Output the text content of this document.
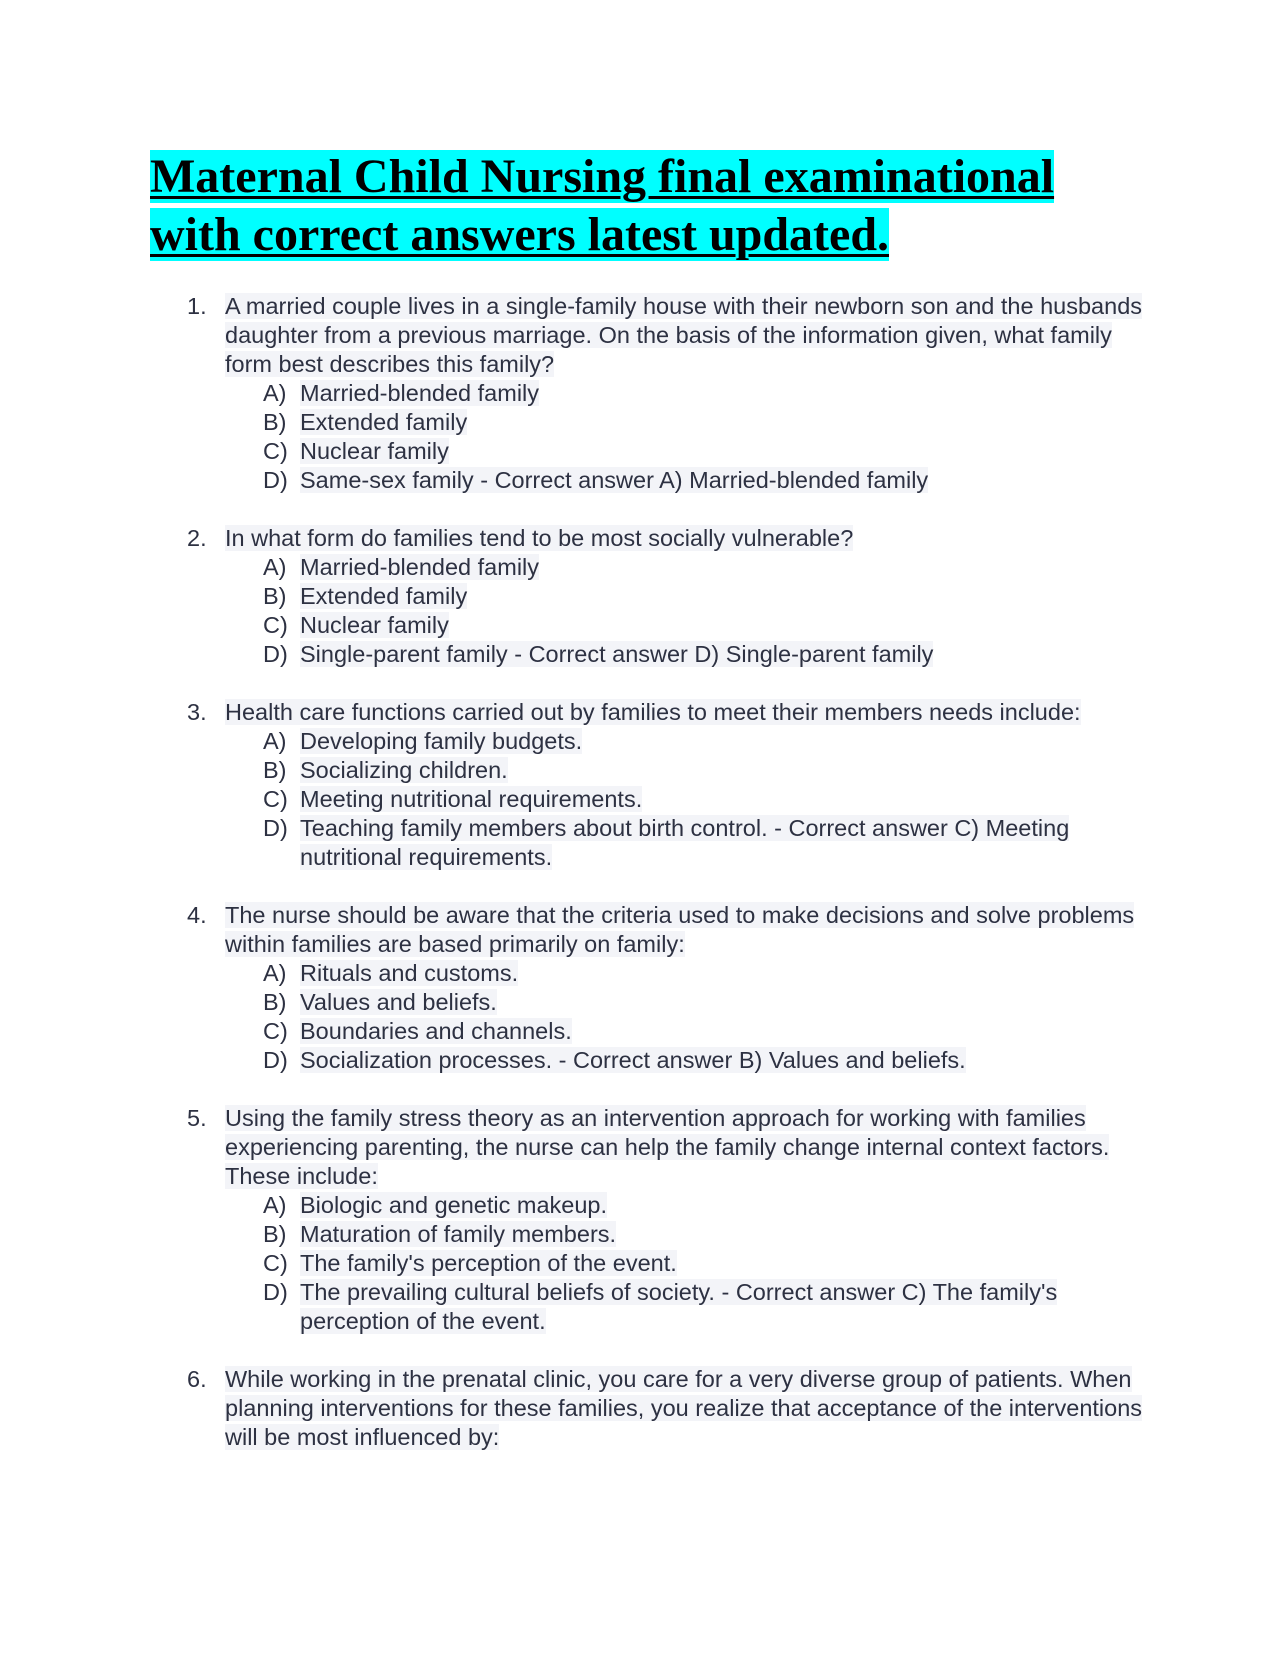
Maternal Child Nursing final examinational with correct answers latest updated.
1. A married couple lives in a single-family house with their newborn son and the husbands daughter from a previous marriage. On the basis of the information given, what family form best describes this family?
A) Married-blended family
B) Extended family
C) Nuclear family
D) Same-sex family - Correct answer A) Married-blended family
2. In what form do families tend to be most socially vulnerable?
A) Married-blended family
B) Extended family
C) Nuclear family
D) Single-parent family - Correct answer D) Single-parent family
3. Health care functions carried out by families to meet their members needs include:
A) Developing family budgets.
B) Socializing children.
C) Meeting nutritional requirements.
D) Teaching family members about birth control. - Correct answer C) Meeting nutritional requirements.
4. The nurse should be aware that the criteria used to make decisions and solve problems within families are based primarily on family:
A) Rituals and customs.
B) Values and beliefs.
C) Boundaries and channels.
D) Socialization processes. - Correct answer B) Values and beliefs.
5. Using the family stress theory as an intervention approach for working with families experiencing parenting, the nurse can help the family change internal context factors. These include:
A) Biologic and genetic makeup.
B) Maturation of family members.
C) The family's perception of the event.
D) The prevailing cultural beliefs of society. - Correct answer C) The family's perception of the event.
6. While working in the prenatal clinic, you care for a very diverse group of patients. When planning interventions for these families, you realize that acceptance of the interventions will be most influenced by:
